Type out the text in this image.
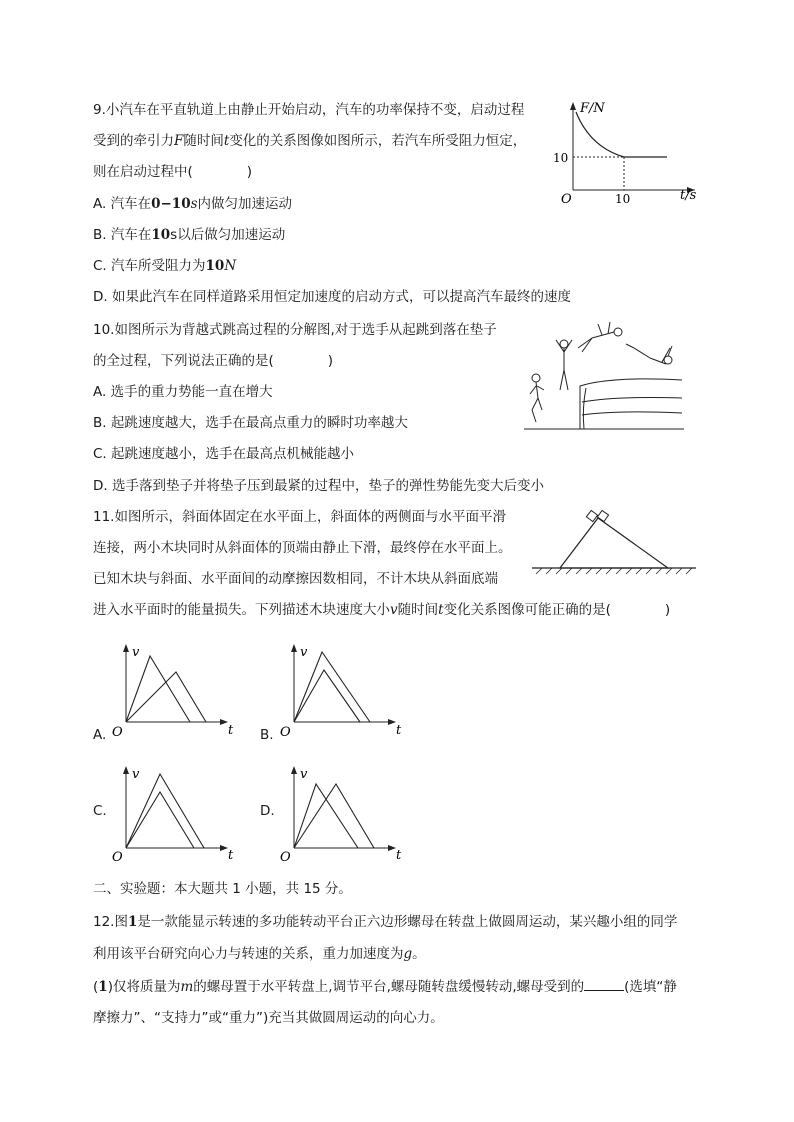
9.小汽车在平直轨道上由静止开始启动，汽车的功率保持不变，启动过程
受到的牵引力F随时间t变化的关系图像如图所示，若汽车所受阻力恒定，
则在启动过程中(　　　　)
A. 汽车在0−10s内做匀加速运动
B. 汽车在10s以后做匀加速运动
C. 汽车所受阻力为10N
D. 如果此汽车在同样道路采用恒定加速度的启动方式，可以提高汽车最终的速度
F/N
t/s
O
10
10
10.如图所示为背越式跳高过程的分解图,对于选手从起跳到落在垫子
的全过程，下列说法正确的是(　　　　)
A. 选手的重力势能一直在增大
B. 起跳速度越大，选手在最高点重力的瞬时功率越大
C. 起跳速度越小，选手在最高点机械能越小
D. 选手落到垫子并将垫子压到最紧的过程中，垫子的弹性势能先变大后变小
11.如图所示，斜面体固定在水平面上，斜面体的两侧面与水平面平滑
连接，两小木块同时从斜面体的顶端由静止下滑，最终停在水平面上。
已知木块与斜面、水平面间的动摩擦因数相同，不计木块从斜面底端
进入水平面时的能量损失。下列描述木块速度大小v随时间t变化关系图像可能正确的是(　　　　)
v
t
O
A.
v
t
O
B.
v
t
O
C.
v
t
O
D.
二、实验题：本大题共 1 小题，共 15 分。
12.图1是一款能显示转速的多功能转动平台正六边形螺母在转盘上做圆周运动，某兴趣小组的同学
利用该平台研究向心力与转速的关系，重力加速度为g。
(1)仅将质量为m的螺母置于水平转盘上,调节平台,螺母随转盘缓慢转动,螺母受到的	(选填“静
摩擦力”、“支持力”或“重力”)充当其做圆周运动的向心力。
